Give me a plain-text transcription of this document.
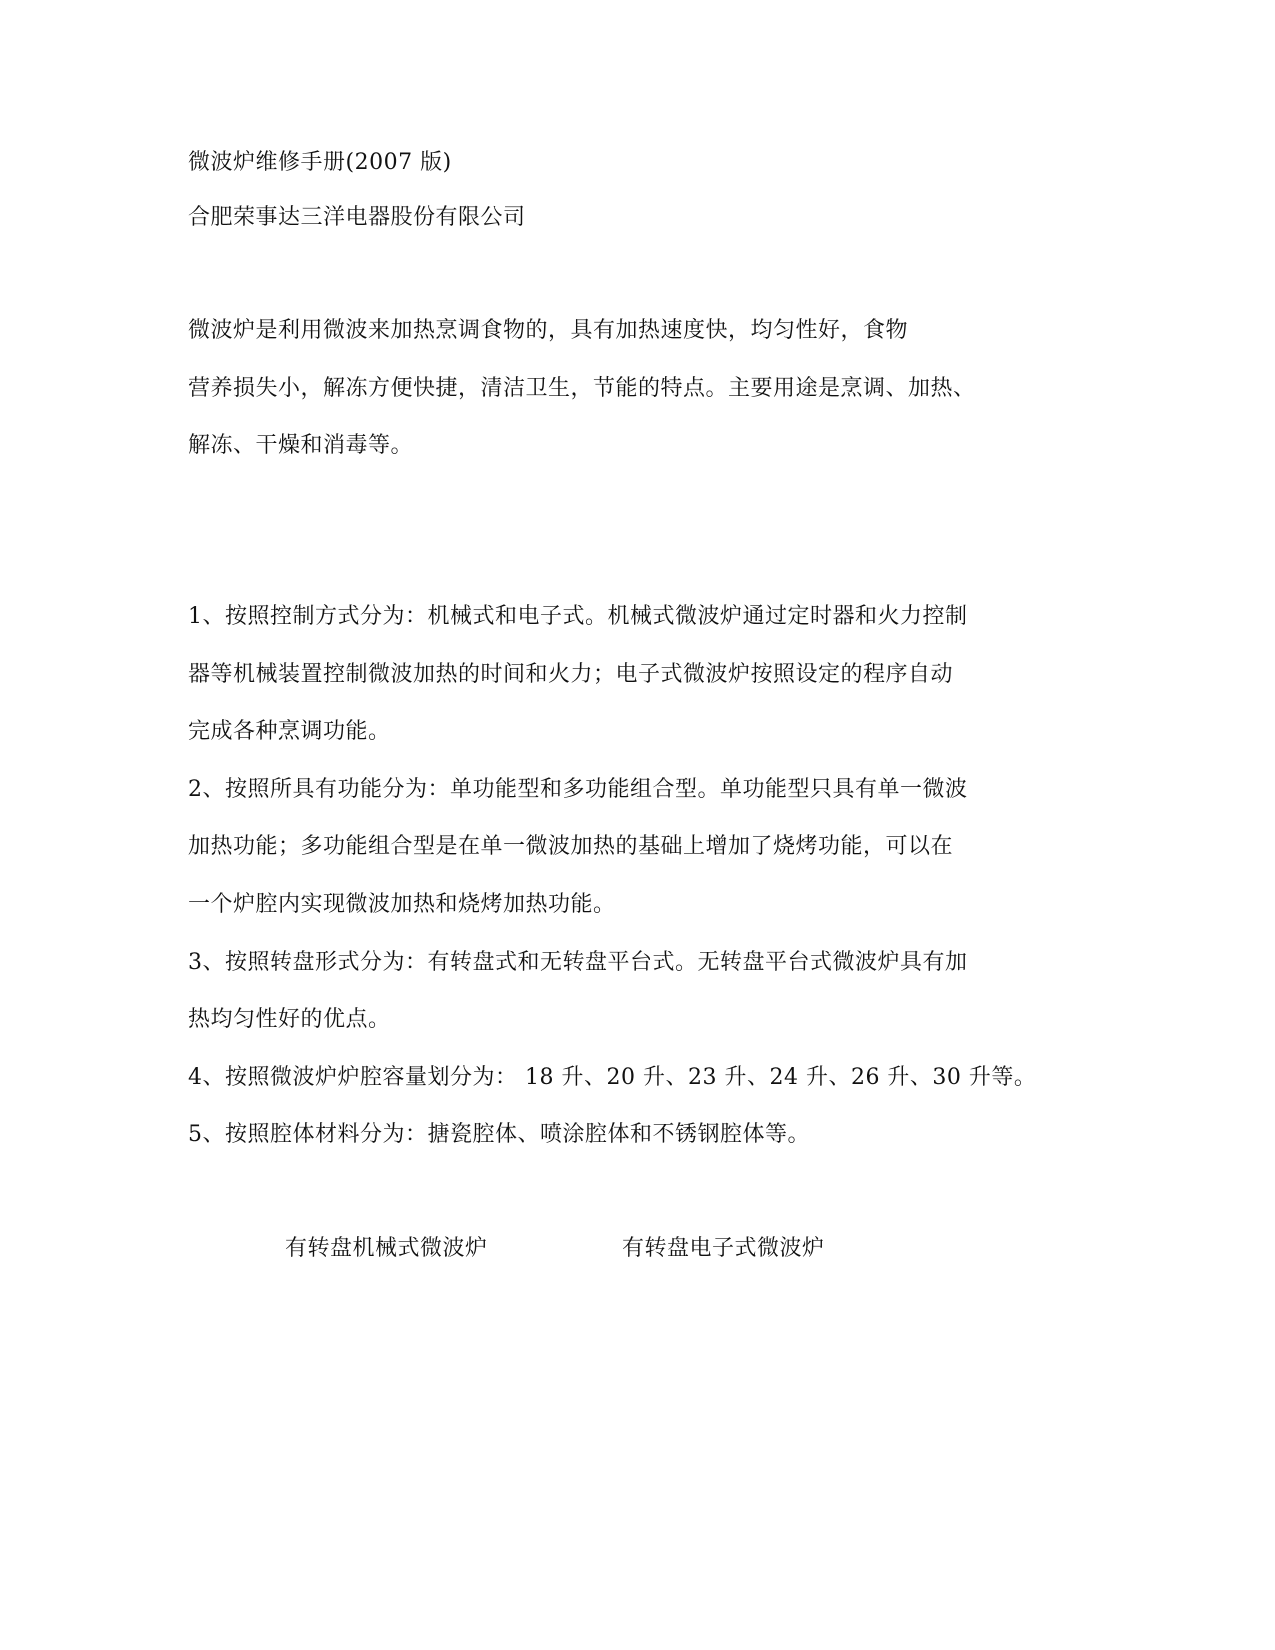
微波炉维修手册(2007 版)
合肥荣事达三洋电器股份有限公司
微波炉是利用微波来加热烹调食物的，具有加热速度快，均匀性好，食物
营养损失小，解冻方便快捷，清洁卫生，节能的特点。主要用途是烹调、加热、
解冻、干燥和消毒等。
1、按照控制方式分为：机械式和电子式。机械式微波炉通过定时器和火力控制
器等机械装置控制微波加热的时间和火力；电子式微波炉按照设定的程序自动
完成各种烹调功能。
2、按照所具有功能分为：单功能型和多功能组合型。单功能型只具有单一微波
加热功能；多功能组合型是在单一微波加热的基础上增加了烧烤功能，可以在
一个炉腔内实现微波加热和烧烤加热功能。
3、按照转盘形式分为：有转盘式和无转盘平台式。无转盘平台式微波炉具有加
热均匀性好的优点。
4、按照微波炉炉腔容量划分为： 18 升、20 升、23 升、24 升、26 升、30 升等。
5、按照腔体材料分为：搪瓷腔体、喷涂腔体和不锈钢腔体等。
有转盘机械式微波炉	有转盘电子式微波炉
